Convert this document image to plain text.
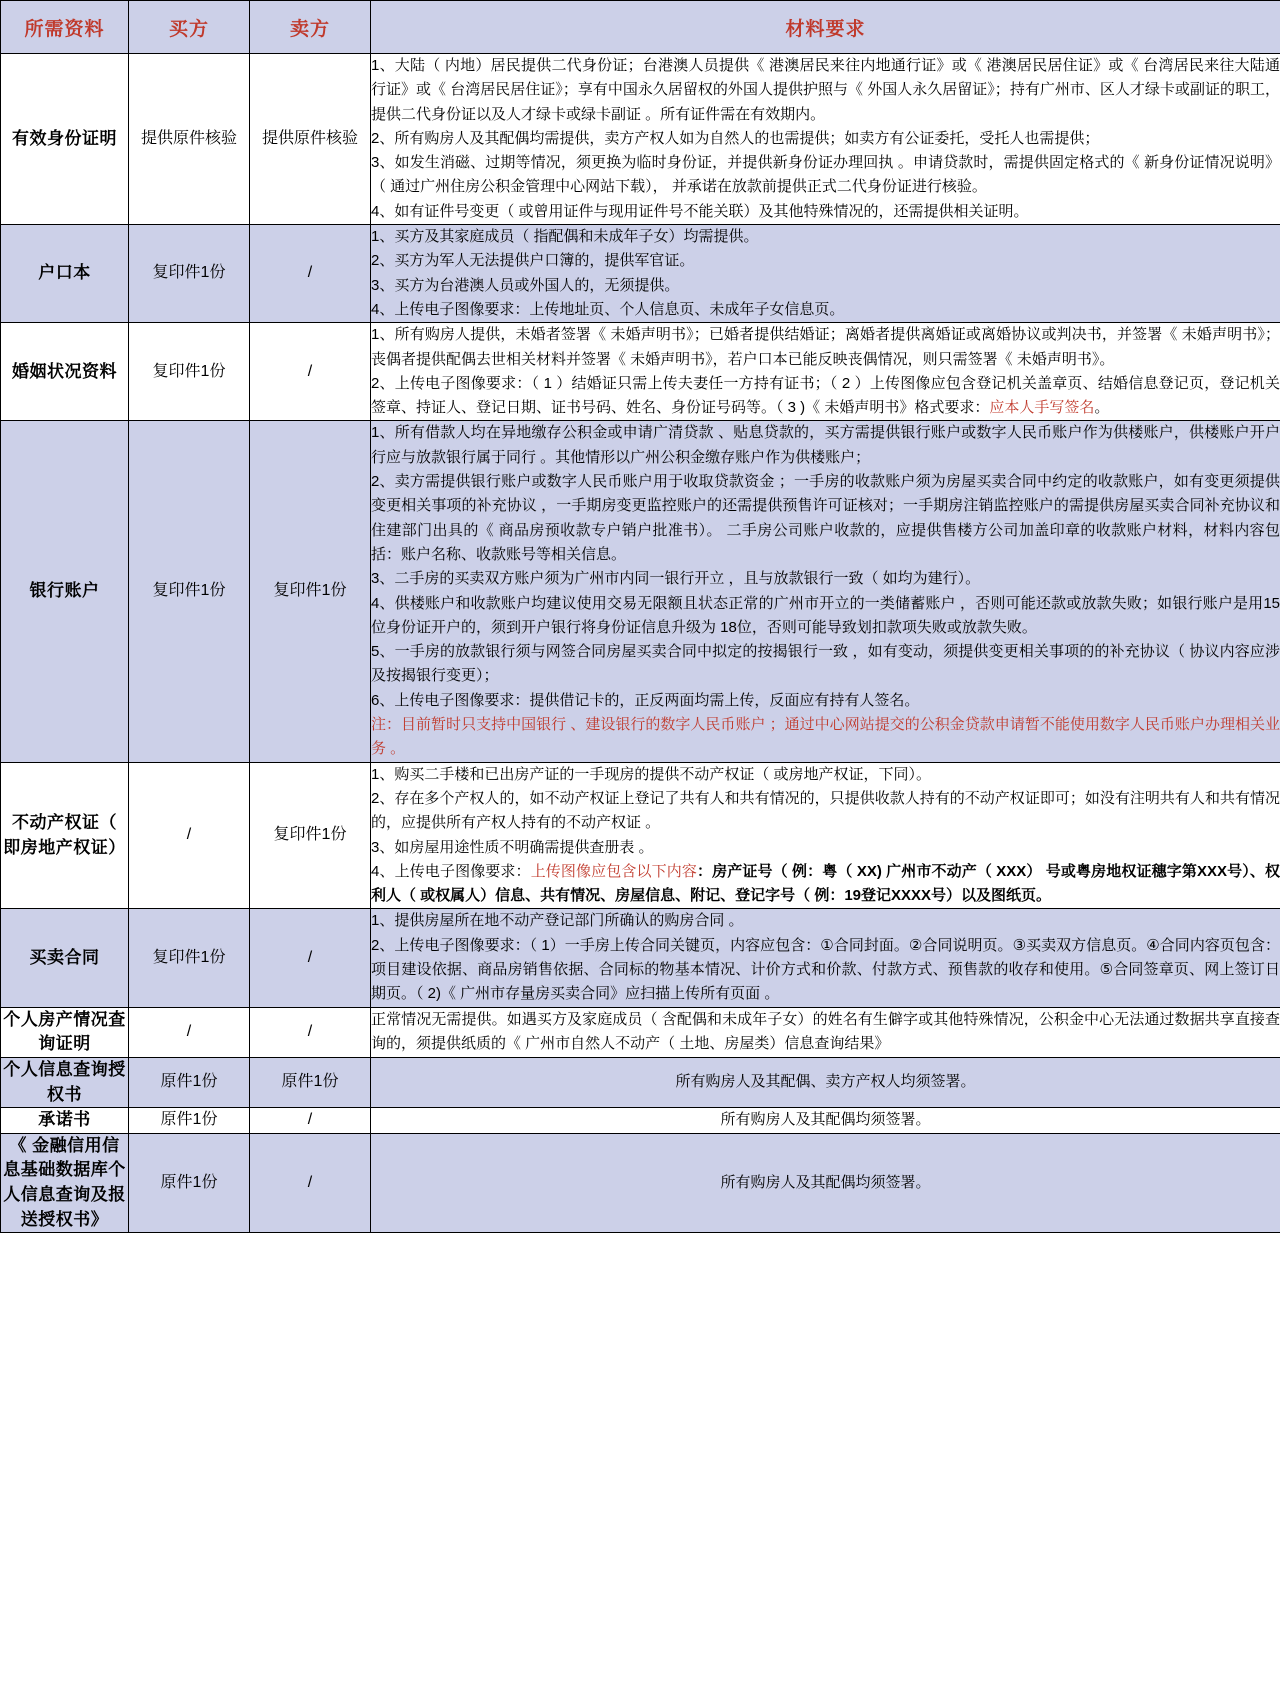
所需资料	买方	卖方	材料要求
有效身份证明	提供原件核验	提供原件核验	1、大陆（ 内地）居民提供二代身份证；台港澳人员提供《 港澳居民来往内地通行证》或《 港澳居民居住证》或《 台湾居民来往大陆通行证》或《 台湾居民居住证》；享有中国永久居留权的外国人提供护照与《 外国人永久居留证》；持有广州市、区人才绿卡或副证的职工，提供二代身份证以及人才绿卡或绿卡副证 。所有证件需在有效期内。
2、所有购房人及其配偶均需提供，卖方产权人如为自然人的也需提供；如卖方有公证委托，受托人也需提供；
3、如发生消磁、过期等情况，须更换为临时身份证，并提供新身份证办理回执 。申请贷款时，需提供固定格式的《 新身份证情况说明》（ 通过广州住房公积金管理中心网站下载）， 并承诺在放款前提供正式二代身份证进行核验。
4、如有证件号变更（ 或曾用证件与现用证件号不能关联）及其他特殊情况的，还需提供相关证明。

户口本	复印件1份	/	1、买方及其家庭成员（ 指配偶和未成年子女）均需提供。
2、买方为军人无法提供户口簿的，提供军官证。
3、买方为台港澳人员或外国人的，无须提供。
4、上传电子图像要求：上传地址页、个人信息页、未成年子女信息页。

婚姻状况资料	复印件1份	/	1、所有购房人提供，未婚者签署《 未婚声明书》；已婚者提供结婚证；离婚者提供离婚证或离婚协议或判决书，并签署《 未婚声明书》；丧偶者提供配偶去世相关材料并签署《 未婚声明书》，若户口本已能反映丧偶情况，则只需签署《 未婚声明书》。
2、上传电子图像要求：（ 1 ）结婚证只需上传夫妻任一方持有证书；（ 2 ）上传图像应包含登记机关盖章页、结婚信息登记页，登记机关签章、持证人、登记日期、证书号码、姓名、身份证号码等。（ 3 )《 未婚声明书》格式要求：应本人手写签名。

银行账户	复印件1份	复印件1份	
1、所有借款人均在异地缴存公积金或申请广清贷款 、贴息贷款的，买方需提供银行账户或数字人民币账户作为供楼账户，供楼账户开户行应与放款银行属于同行 。其他情形以广州公积金缴存账户作为供楼账户；
2、卖方需提供银行账户或数字人民币账户用于收取贷款资金 ；一手房的收款账户须为房屋买卖合同中约定的收款账户，如有变更须提供变更相关事项的补充协议 ，一手期房变更监控账户的还需提供预售许可证核对；一手期房注销监控账户的需提供房屋买卖合同补充协议和住建部门出具的《 商品房预收款专户销户批准书）。 二手房公司账户收款的，应提供售楼方公司加盖印章的收款账户材料，材料内容包括：账户名称、收款账号等相关信息。
3、二手房的买卖双方账户须为广州市内同一银行开立 ，且与放款银行一致（ 如均为建行）。
4、供楼账户和收款账户均建议使用交易无限额且状态正常的广州市开立的一类储蓄账户 ，否则可能还款或放款失败；如银行账户是用15位身份证开户的，须到开户银行将身份证信息升级为 18位，否则可能导致划扣款项失败或放款失败。
5、一手房的放款银行须与网签合同房屋买卖合同中拟定的按揭银行一致 ，如有变动，须提供变更相关事项的的补充协议（ 协议内容应涉及按揭银行变更）；
6、上传电子图像要求：提供借记卡的，正反两面均需上传，反面应有持有人签名。
注：目前暂时只支持中国银行 、建设银行的数字人民币账户 ；通过中心网站提交的公积金贷款申请暂不能使用数字人民币账户办理相关业务 。

不动产权证（ 即房地产权证）	/	复印件1份	1、购买二手楼和已出房产证的一手现房的提供不动产权证（ 或房地产权证，下同）。
2、存在多个产权人的，如不动产权证上登记了共有人和共有情况的，只提供收款人持有的不动产权证即可；如没有注明共有人和共有情况的，应提供所有产权人持有的不动产权证 。
3、如房屋用途性质不明确需提供查册表 。
4、上传电子图像要求：上传图像应包含以下内容：房产证号（ 例：粤（ XX) 广州市不动产（ XXX） 号或粤房地权证穗字第XXX号）、权利人（ 或权属人）信息、共有情况、房屋信息、附记、登记字号（ 例：19登记XXXX号）以及图纸页。

买卖合同	复印件1份	/	1、提供房屋所在地不动产登记部门所确认的购房合同 。
2、上传电子图像要求：（ 1）一手房上传合同关键页，内容应包含：①合同封面。②合同说明页。③买卖双方信息页。④合同内容页包含：项目建设依据、商品房销售依据、合同标的物基本情况、计价方式和价款、付款方式、预售款的收存和使用。⑤合同签章页、网上签订日期页。（ 2)《 广州市存量房买卖合同》应扫描上传所有页面 。

个人房产情况查询证明	/	/	正常情况无需提供。如遇买方及家庭成员（ 含配偶和未成年子女）的姓名有生僻字或其他特殊情况，公积金中心无法通过数据共享直接查询的，须提供纸质的《 广州市自然人不动产（ 土地、房屋类）信息查询结果》

个人信息查询授权书	原件1份	原件1份	所有购房人及其配偶、卖方产权人均须签署。

承诺书	原件1份	/	所有购房人及其配偶均须签署。

《 金融信用信息基础数据库个人信息查询及报送授权书》	原件1份	/	所有购房人及其配偶均须签署。
